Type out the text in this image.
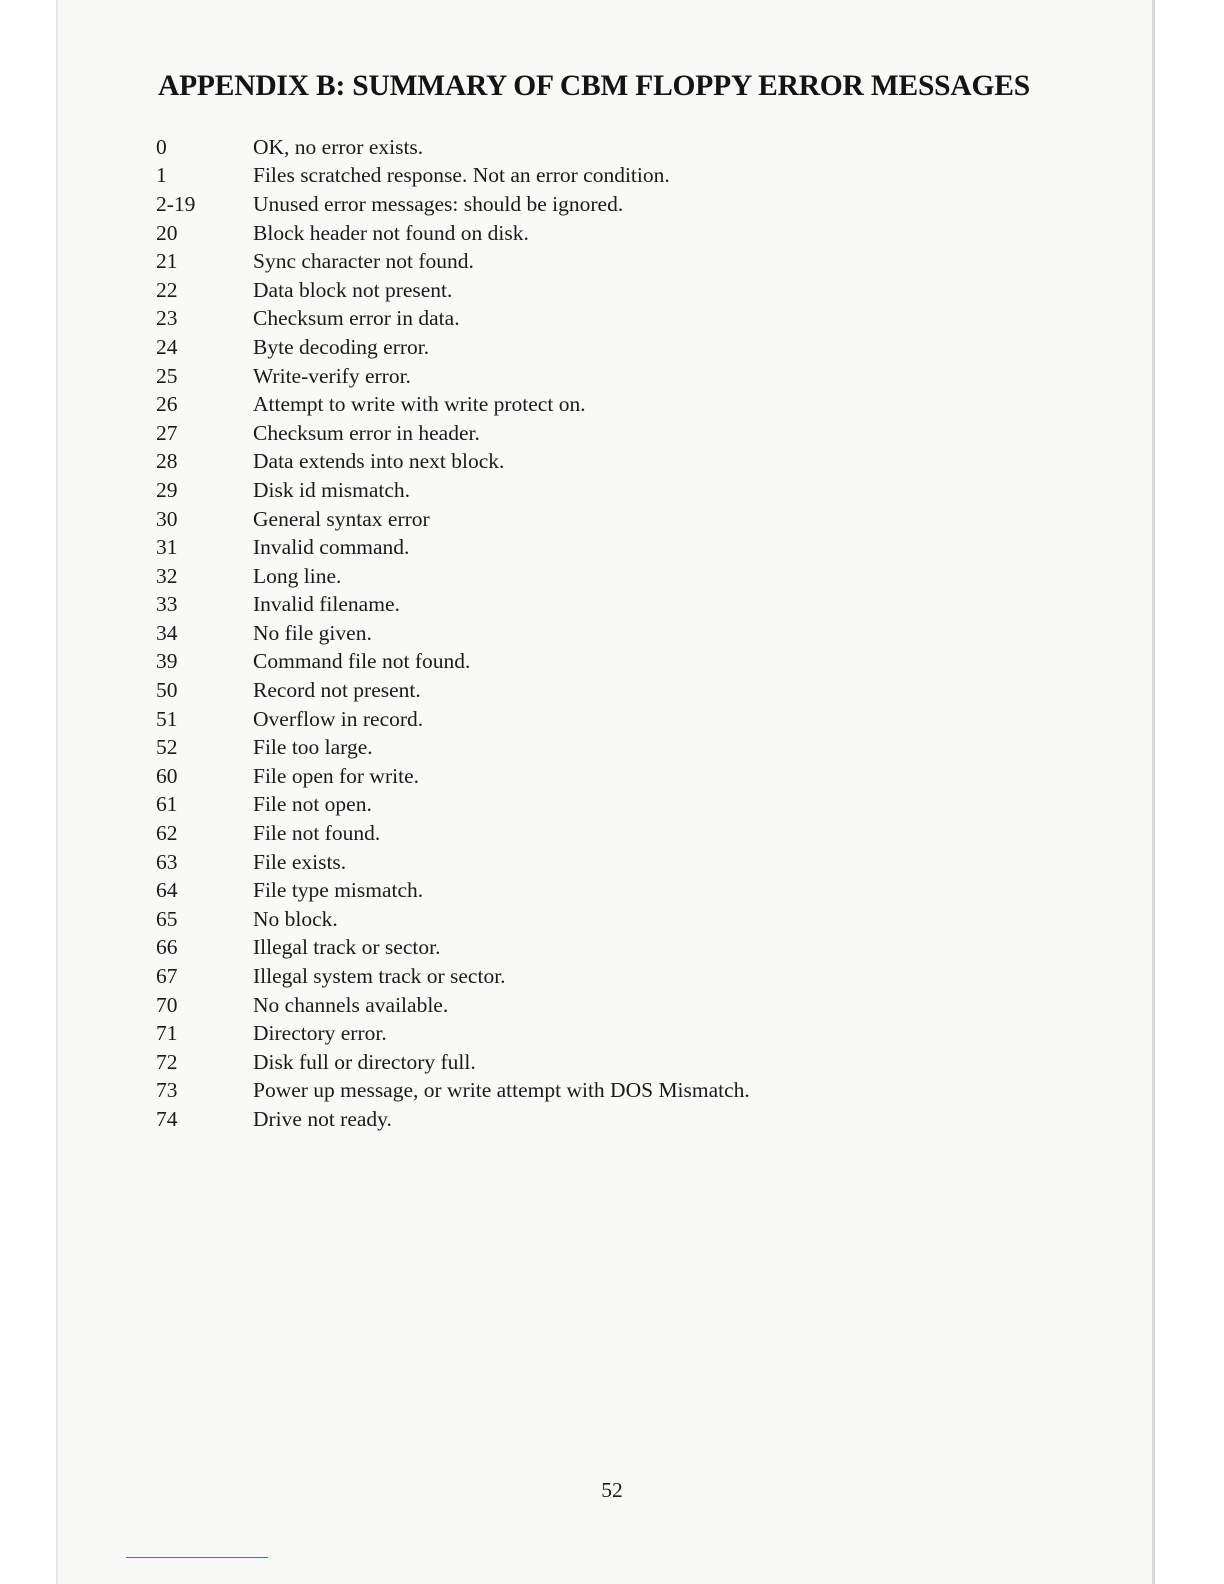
APPENDIX B: SUMMARY OF CBM FLOPPY ERROR MESSAGES
0	OK, no error exists.
1	Files scratched response. Not an error condition.
2-19	Unused error messages: should be ignored.
20	Block header not found on disk.
21	Sync character not found.
22	Data block not present.
23	Checksum error in data.
24	Byte decoding error.
25	Write-verify error.
26	Attempt to write with write protect on.
27	Checksum error in header.
28	Data extends into next block.
29	Disk id mismatch.
30	General syntax error
31	Invalid command.
32	Long line.
33	Invalid filename.
34	No file given.
39	Command file not found.
50	Record not present.
51	Overflow in record.
52	File too large.
60	File open for write.
61	File not open.
62	File not found.
63	File exists.
64	File type mismatch.
65	No block.
66	Illegal track or sector.
67	Illegal system track or sector.
70	No channels available.
71	Directory error.
72	Disk full or directory full.
73	Power up message, or write attempt with DOS Mismatch.
74	Drive not ready.
52
